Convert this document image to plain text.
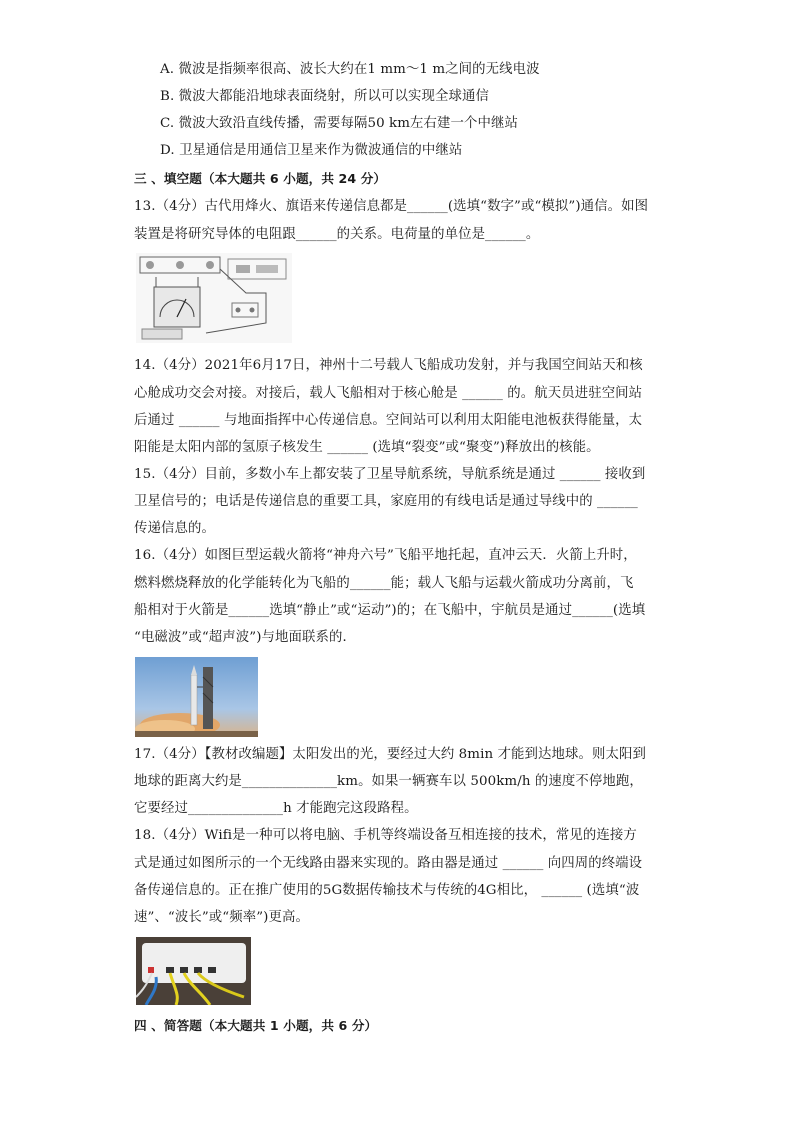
A. 微波是指频率很高、波长大约在1 mm～1 m之间的无线电波
B. 微波大都能沿地球表面绕射，所以可以实现全球通信
C. 微波大致沿直线传播，需要每隔50 km左右建一个中继站
D. 卫星通信是用通信卫星来作为微波通信的中继站
三 、填空题（本大题共 6 小题，共 24 分）
13.（4分）古代用烽火、旗语来传递信息都是______(选填“数字”或“模拟”)通信。如图
装置是将研究导体的电阻跟______的关系。电荷量的单位是______。
14.（4分）2021年6月17日，神州十二号载人飞船成功发射，并与我国空间站天和核
心舱成功交会对接。对接后，载人飞船相对于核心舱是 ______ 的。航天员进驻空间站
后通过 ______ 与地面指挥中心传递信息。空间站可以利用太阳能电池板获得能量，太
阳能是太阳内部的氢原子核发生 ______ (选填“裂变”或“聚变”)释放出的核能。
15.（4分）目前，多数小车上都安装了卫星导航系统，导航系统是通过 ______ 接收到
卫星信号的；电话是传递信息的重要工具，家庭用的有线电话是通过导线中的 ______
传递信息的。
16.（4分）如图巨型运载火箭将“神舟六号”飞船平地托起，直冲云天．火箭上升时，
燃料燃烧释放的化学能转化为飞船的______能；载人飞船与运载火箭成功分离前，飞
船相对于火箭是______选填“静止”或“运动”)的；在飞船中，宇航员是通过______(选填
“电磁波”或“超声波”)与地面联系的．
17.（4分）【教材改编题】太阳发出的光，要经过大约 8min 才能到达地球。则太阳到
地球的距离大约是______________km。如果一辆赛车以 500km/h 的速度不停地跑，
它要经过______________h 才能跑完这段路程。
18.（4分）Wifi是一种可以将电脑、手机等终端设备互相连接的技术，常见的连接方
式是通过如图所示的一个无线路由器来实现的。路由器是通过 ______ 向四周的终端设
备传递信息的。正在推广使用的5G数据传输技术与传统的4G相比， ______ (选填“波
速”、“波长”或“频率”)更高。
四 、简答题（本大题共 1 小题，共 6 分）
